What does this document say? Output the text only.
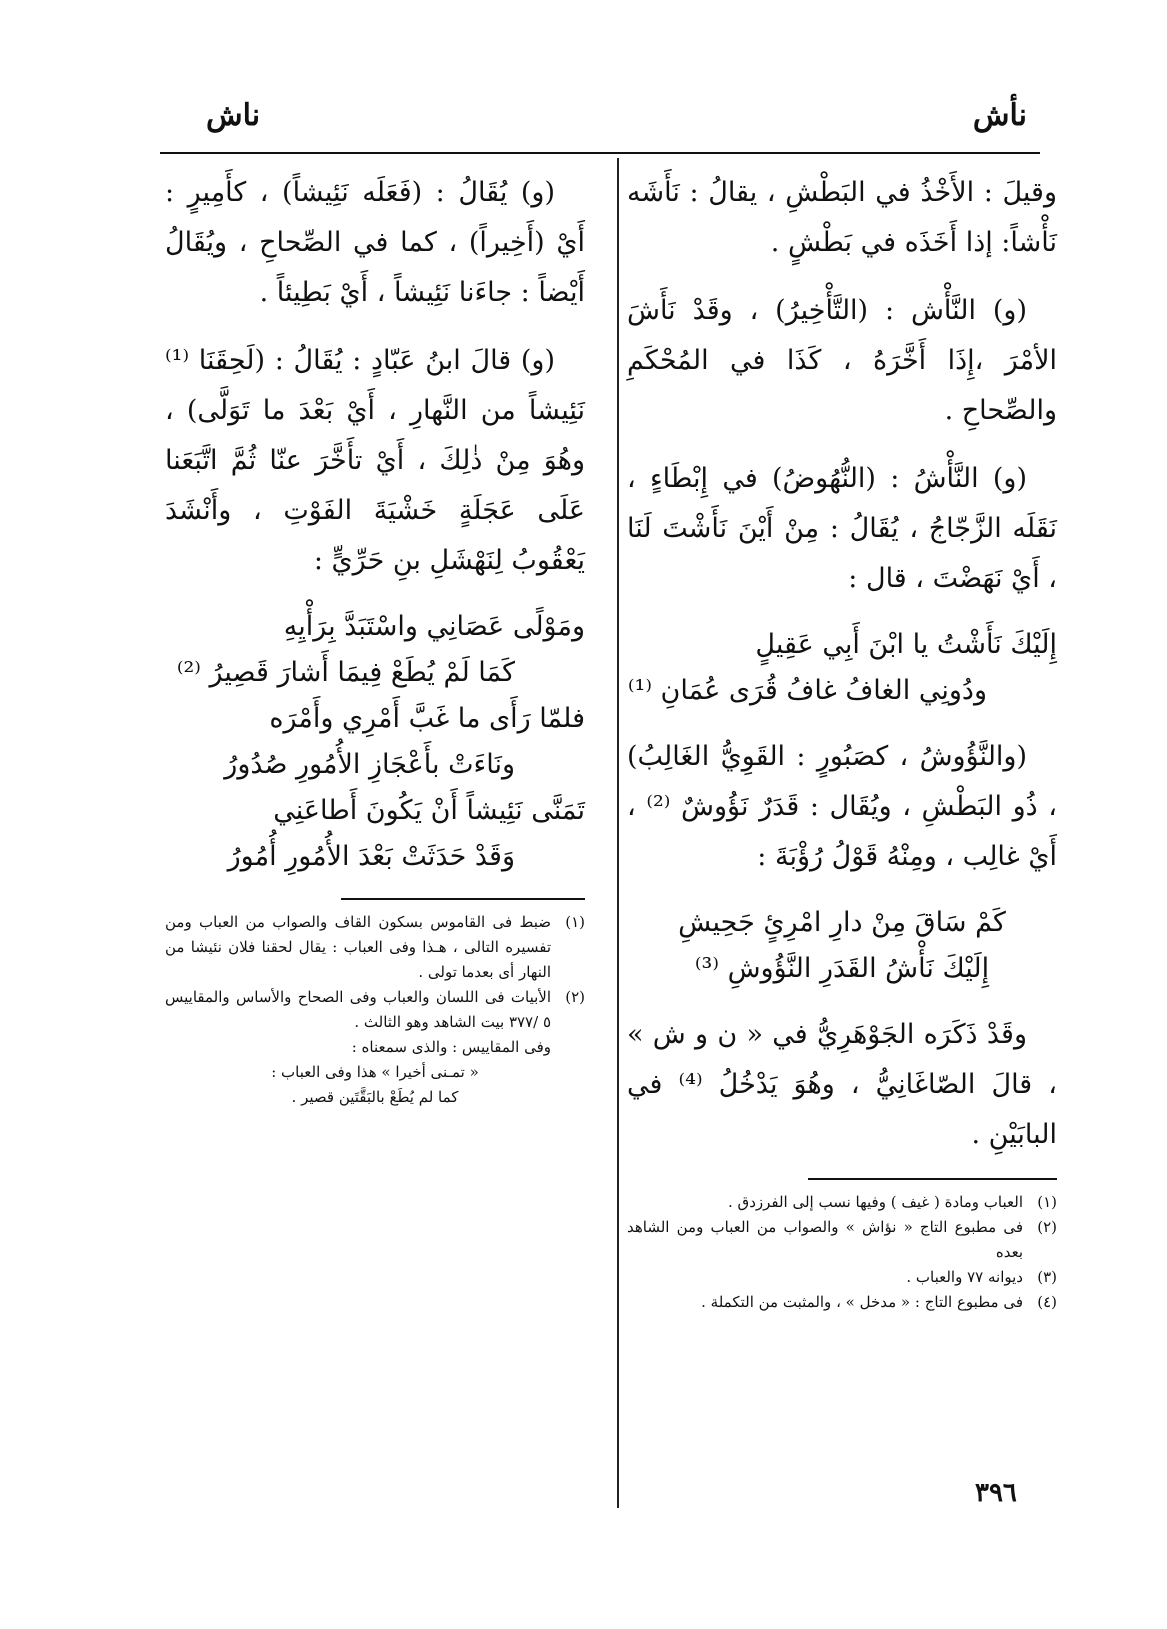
نأش
ناش

وقيلَ : الأَخْذُ في البَطْشِ ، يقالُ : نَأَشَه نَأْشاً: إذا أَخَذَه في بَطْشٍ .

(و) النَّأْش : (التَّأْخِيرُ) ، وقَدْ نَأَشَ الأمْرَ ،إِذَا أَخَّرَهُ ، كَذَا في المُحْكَمِ والصِّحاحِ .

(و) النَّأْشُ : (النُّهُوضُ) في إِبْطَاءٍ ، نَقَلَه الزَّجّاجُ ، يُقَالُ : مِنْ أَيْنَ نَأَشْتَ لَنَا ، أَيْ نَهَضْتَ ، قال :

إِلَيْكَ نَأَشْتُ يا ابْنَ أَبِي عَقِيلٍ
ودُونِي الغافُ غافُ قُرَى عُمَانِ ⁽¹⁾

(والنَّؤُوشُ ، كصَبُورٍ : القَوِيُّ الغَالِبُ) ، ذُو البَطْشِ ، ويُقَال : قَدَرٌ نَؤُوشٌ ⁽²⁾ ، أَيْ غالِب ، ومِنْهُ قَوْلُ رُؤْبَةَ :

كَمْ سَاقَ مِنْ دارِ امْرِئٍ جَحِيشِ
إِلَيْكَ نَأْشُ القَدَرِ النَّؤُوشِ ⁽³⁾

وقَدْ ذَكَرَه الجَوْهَرِيُّ في « ن و ش » ، قالَ الصّاغَانِيُّ ، وهُوَ يَدْخُلُ ⁽⁴⁾ في البابَيْنِ .

(١)
العباب ومادة ( غيف ) وفيها نسب إلى الفرزدق .
(٢)
فى مطبوع التاج « نؤاش » والصواب من العباب ومن الشاهد بعده
(٣)
ديوانه ٧٧ والعباب .
(٤)
فى مطبوع التاج : « مدخل » ، والمثبت من التكملة .

(و) يُقَالُ : (فَعَلَه نَئِيشاً) ، كأَمِيرٍ : أَيْ (أَخِيراً) ، كما في الصِّحاحِ ، ويُقَالُ أَيْضاً : جاءَنا نَئِيشاً ، أَيْ بَطِيئاً .

(و) قالَ ابنُ عَبّادٍ : يُقَالُ : (لَحِقَنَا ⁽¹⁾ نَئِيشاً من النَّهارِ ، أَيْ بَعْدَ ما تَوَلَّى) ، وهُوَ مِنْ ذٰلِكَ ، أَيْ تأَخَّرَ عنّا ثُمَّ اتَّبَعَنا عَلَى عَجَلَةٍ خَشْيَةَ الفَوْتِ ، وأَنْشَدَ يَعْقُوبُ لِنَهْشَلِ بنِ حَرِّيٍّ :

ومَوْلًى عَصَانِي واسْتَبَدَّ بِرَأْيِهِ
كَمَا لَمْ يُطَعْ فِيمَا أَشارَ قَصِيرُ ⁽²⁾
فلمّا رَأَى ما غَبَّ أَمْرِي وأَمْرَه
ونَاءَتْ بأَعْجَازِ الأُمُورِ صُدُورُ
تَمَنَّى نَئِيشاً أَنْ يَكُونَ أَطاعَنِي
وَقَدْ حَدَثَتْ بَعْدَ الأُمُورِ أُمُورُ
(١)
ضبط فى القاموس بسكون القاف والصواب من العباب ومن تفسيره التالى ، هـذا وفى العباب : يقال لحقنا فلان نئيشا من النهار أى بعدما تولى .
(٢)
الأبيات فى اللسان والعباب وفى الصحاح والأساس والمقاييس ٥ /٣٧٧ بيت الشاهد وهو الثالث .
وفى المقاييس : والذى سمعناه :
« تمـنى أخيرا » هذا وفى العباب :
كما لم يُطَعْ بالبَقَّتَين قصير .
٣٩٦
